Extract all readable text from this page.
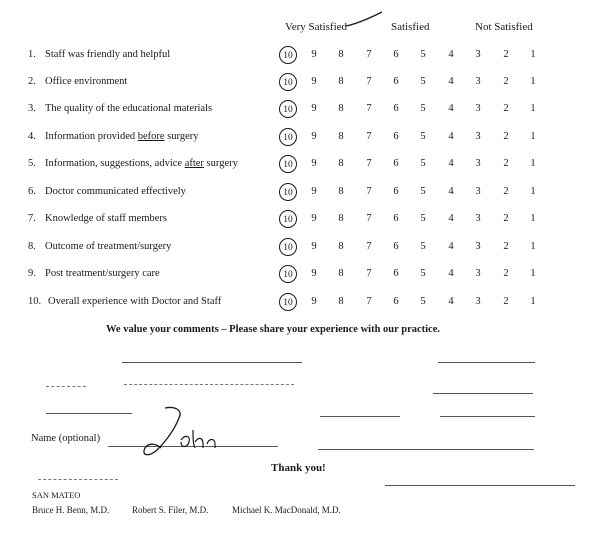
Very Satisfied	Satisfied	Not Satisfied
1. Staff was friendly and helpful	10	9	8	7	6	5	4	3	2	1
2. Office environment	10	9	8	7	6	5	4	3	2	1
3. The quality of the educational materials	10	9	8	7	6	5	4	3	2	1
4. Information provided before surgery	10	9	8	7	6	5	4	3	2	1
5. Information, suggestions, advice after surgery	10	9	8	7	6	5	4	3	2	1
6. Doctor communicated effectively	10	9	8	7	6	5	4	3	2	1
7. Knowledge of staff members	10	9	8	7	6	5	4	3	2	1
8. Outcome of treatment/surgery	10	9	8	7	6	5	4	3	2	1
9. Post treatment/surgery care	10	9	8	7	6	5	4	3	2	1
10. Overall experience with Doctor and Staff	10	9	8	7	6	5	4	3	2	1
We value your comments – Please share your experience with our practice.
Name (optional)
John
Thank you!
SAN MATEO
Bruce H. Benn, M.D.	Robert S. Filer, M.D.	Michael K. MacDonald, M.D.
